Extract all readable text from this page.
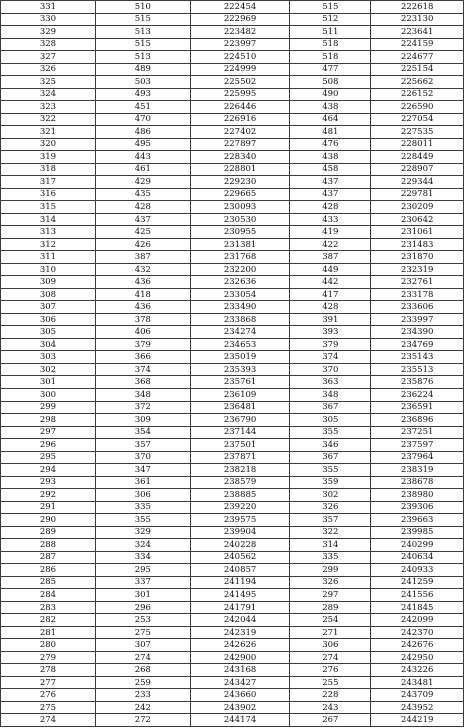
331	510	222454	515	222618
330	515	222969	512	223130
329	513	223482	511	223641
328	515	223997	518	224159
327	513	224510	518	224677
326	489	224999	477	225154
325	503	225502	508	225662
324	493	225995	490	226152
323	451	226446	438	226590
322	470	226916	464	227054
321	486	227402	481	227535
320	495	227897	476	228011
319	443	228340	438	228449
318	461	228801	458	228907
317	429	229230	437	229344
316	435	229665	437	229781
315	428	230093	428	230209
314	437	230530	433	230642
313	425	230955	419	231061
312	426	231381	422	231483
311	387	231768	387	231870
310	432	232200	449	232319
309	436	232636	442	232761
308	418	233054	417	233178
307	436	233490	428	233606
306	378	233868	391	233997
305	406	234274	393	234390
304	379	234653	379	234769
303	366	235019	374	235143
302	374	235393	370	235513
301	368	235761	363	235876
300	348	236109	348	236224
299	372	236481	367	236591
298	309	236790	305	236896
297	354	237144	355	237251
296	357	237501	346	237597
295	370	237871	367	237964
294	347	238218	355	238319
293	361	238579	359	238678
292	306	238885	302	238980
291	335	239220	326	239306
290	355	239575	357	239663
289	329	239904	322	239985
288	324	240228	314	240299
287	334	240562	335	240634
286	295	240857	299	240933
285	337	241194	326	241259
284	301	241495	297	241556
283	296	241791	289	241845
282	253	242044	254	242099
281	275	242319	271	242370
280	307	242626	306	242676
279	274	242900	274	242950
278	268	243168	276	243226
277	259	243427	255	243481
276	233	243660	228	243709
275	242	243902	243	243952
274	272	244174	267	244219
